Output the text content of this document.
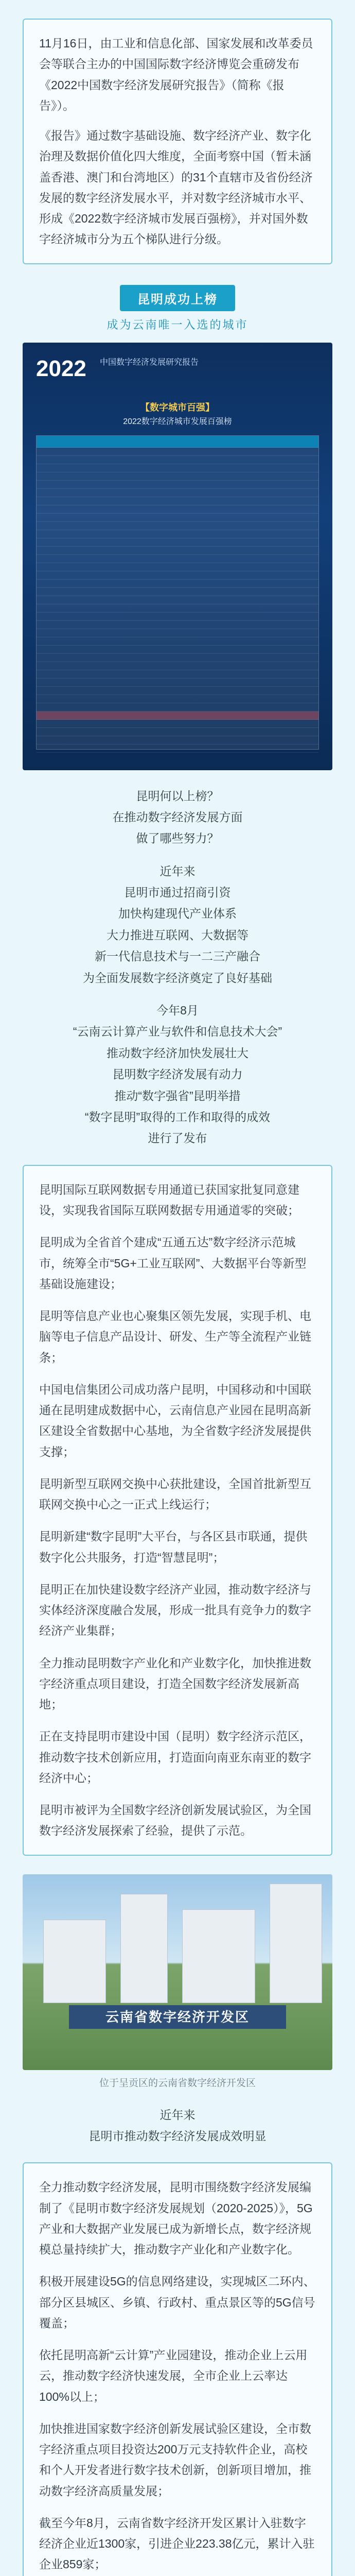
11月16日，由工业和信息化部、国家发展和改革委员会等联合主办的中国国际数字经济博览会重磅发布《2022中国数字经济发展研究报告》（简称《报告》）。

《报告》通过数字基础设施、数字经济产业、数字化治理及数据价值化四大维度，全面考察中国（暂未涵盖香港、澳门和台湾地区）的31个直辖市及省份经济发展的数字经济发展水平，并对数字经济城市水平、形成《2022数字经济城市发展百强榜》，并对国外数字经济城市分为五个梯队进行分级。

昆明成功上榜
成为云南唯一入选的城市
2022 中国数字经济发展研究报告
【数字城市百强】
2022数字经济城市发展百强榜

昆明何以上榜？
在推动数字经济发展方面
做了哪些努力？

近年来
昆明市通过招商引资
加快构建现代产业体系
大力推进互联网、大数据等
新一代信息技术与一二三产融合
为全面发展数字经济奠定了良好基础

今年8月
“云南云计算产业与软件和信息技术大会”
推动数字经济加快发展壮大
昆明数字经济发展有动力
推动“数字强省”昆明举措
“数字昆明”取得的工作和取得的成效
进行了发布

昆明国际互联网数据专用通道已获国家批复同意建设，实现我省国际互联网数据专用通道零的突破；

昆明成为全省首个建成“五通五达”数字经济示范城市，统筹全市“5G+工业互联网”、大数据平台等新型基础设施建设；

昆明等信息产业也心聚集区领先发展，实现手机、电脑等电子信息产品设计、研发、生产等全流程产业链条；

中国电信集团公司成功落户昆明，中国移动和中国联通在昆明建成数据中心，云南信息产业园在昆明高新区建设全省数据中心基地，为全省数字经济发展提供支撑；

昆明新型互联网交换中心获批建设，全国首批新型互联网交换中心之一正式上线运行；

昆明新建“数字昆明”大平台，与各区县市联通，提供数字化公共服务，打造“智慧昆明”；

昆明正在加快建设数字经济产业园，推动数字经济与实体经济深度融合发展，形成一批具有竞争力的数字经济产业集群；

全力推动昆明数字产业化和产业数字化，加快推进数字经济重点项目建设，打造全国数字经济发展新高地；

正在支持昆明市建设中国（昆明）数字经济示范区，推动数字技术创新应用，打造面向南亚东南亚的数字经济中心；

昆明市被评为全国数字经济创新发展试验区，为全国数字经济发展探索了经验，提供了示范。

云南省数字经济开发区
位于呈贡区的云南省数字经济开发区

近年来
昆明市推动数字经济发展成效明显

全力推动数字经济发展，昆明市围绕数字经济发展编制了《昆明市数字经济发展规划（2020-2025）》，5G产业和大数据产业发展已成为新增长点，数字经济规模总量持续扩大，推动数字产业化和产业数字化。

积极开展建设5G的信息网络建设，实现城区二环内、部分区县城区、乡镇、行政村、重点景区等的5G信号覆盖；

依托昆明高新“云计算”产业园建设，推动企业上云用云，推动数字经济快速发展，全市企业上云率达100%以上；

加快推进国家数字经济创新发展试验区建设，全市数字经济重点项目投资达200万元支持软件企业，高校和个人开发者进行数字技术创新，创新项目增加，推动数字经济高质量发展；

截至今年8月，云南省数字经济开发区累计入驻数字经济企业近1300家，引进企业223.38亿元，累计入驻企业859家；
